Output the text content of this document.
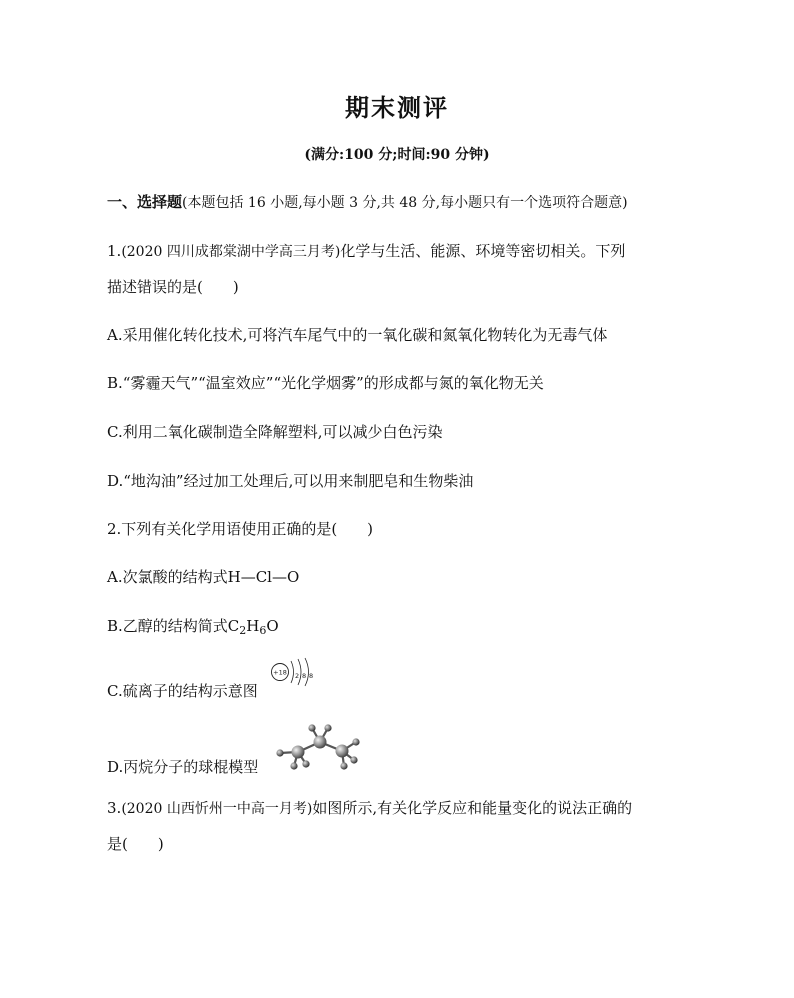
期末测评
(满分:100 分;时间:90 分钟)
一、选择题(本题包括 16 小题,每小题 3 分,共 48 分,每小题只有一个选项符合题意)
1.(2020 四川成都棠湖中学高三月考)化学与生活、能源、环境等密切相关。下列
描述错误的是(　　)
A.采用催化转化技术,可将汽车尾气中的一氧化碳和氮氧化物转化为无毒气体
B.“雾霾天气”“温室效应”“光化学烟雾”的形成都与氮的氧化物无关
C.利用二氧化碳制造全降解塑料,可以减少白色污染
D.“地沟油”经过加工处理后,可以用来制肥皂和生物柴油
2.下列有关化学用语使用正确的是(　　)
A.次氯酸的结构式H—Cl—O
B.乙醇的结构简式$C_2H_6O$
C.硫离子的结构示意图
+18 2 8 8
D.丙烷分子的球棍模型
3.(2020 山西忻州一中高一月考)如图所示,有关化学反应和能量变化的说法正确的
是(　　)
